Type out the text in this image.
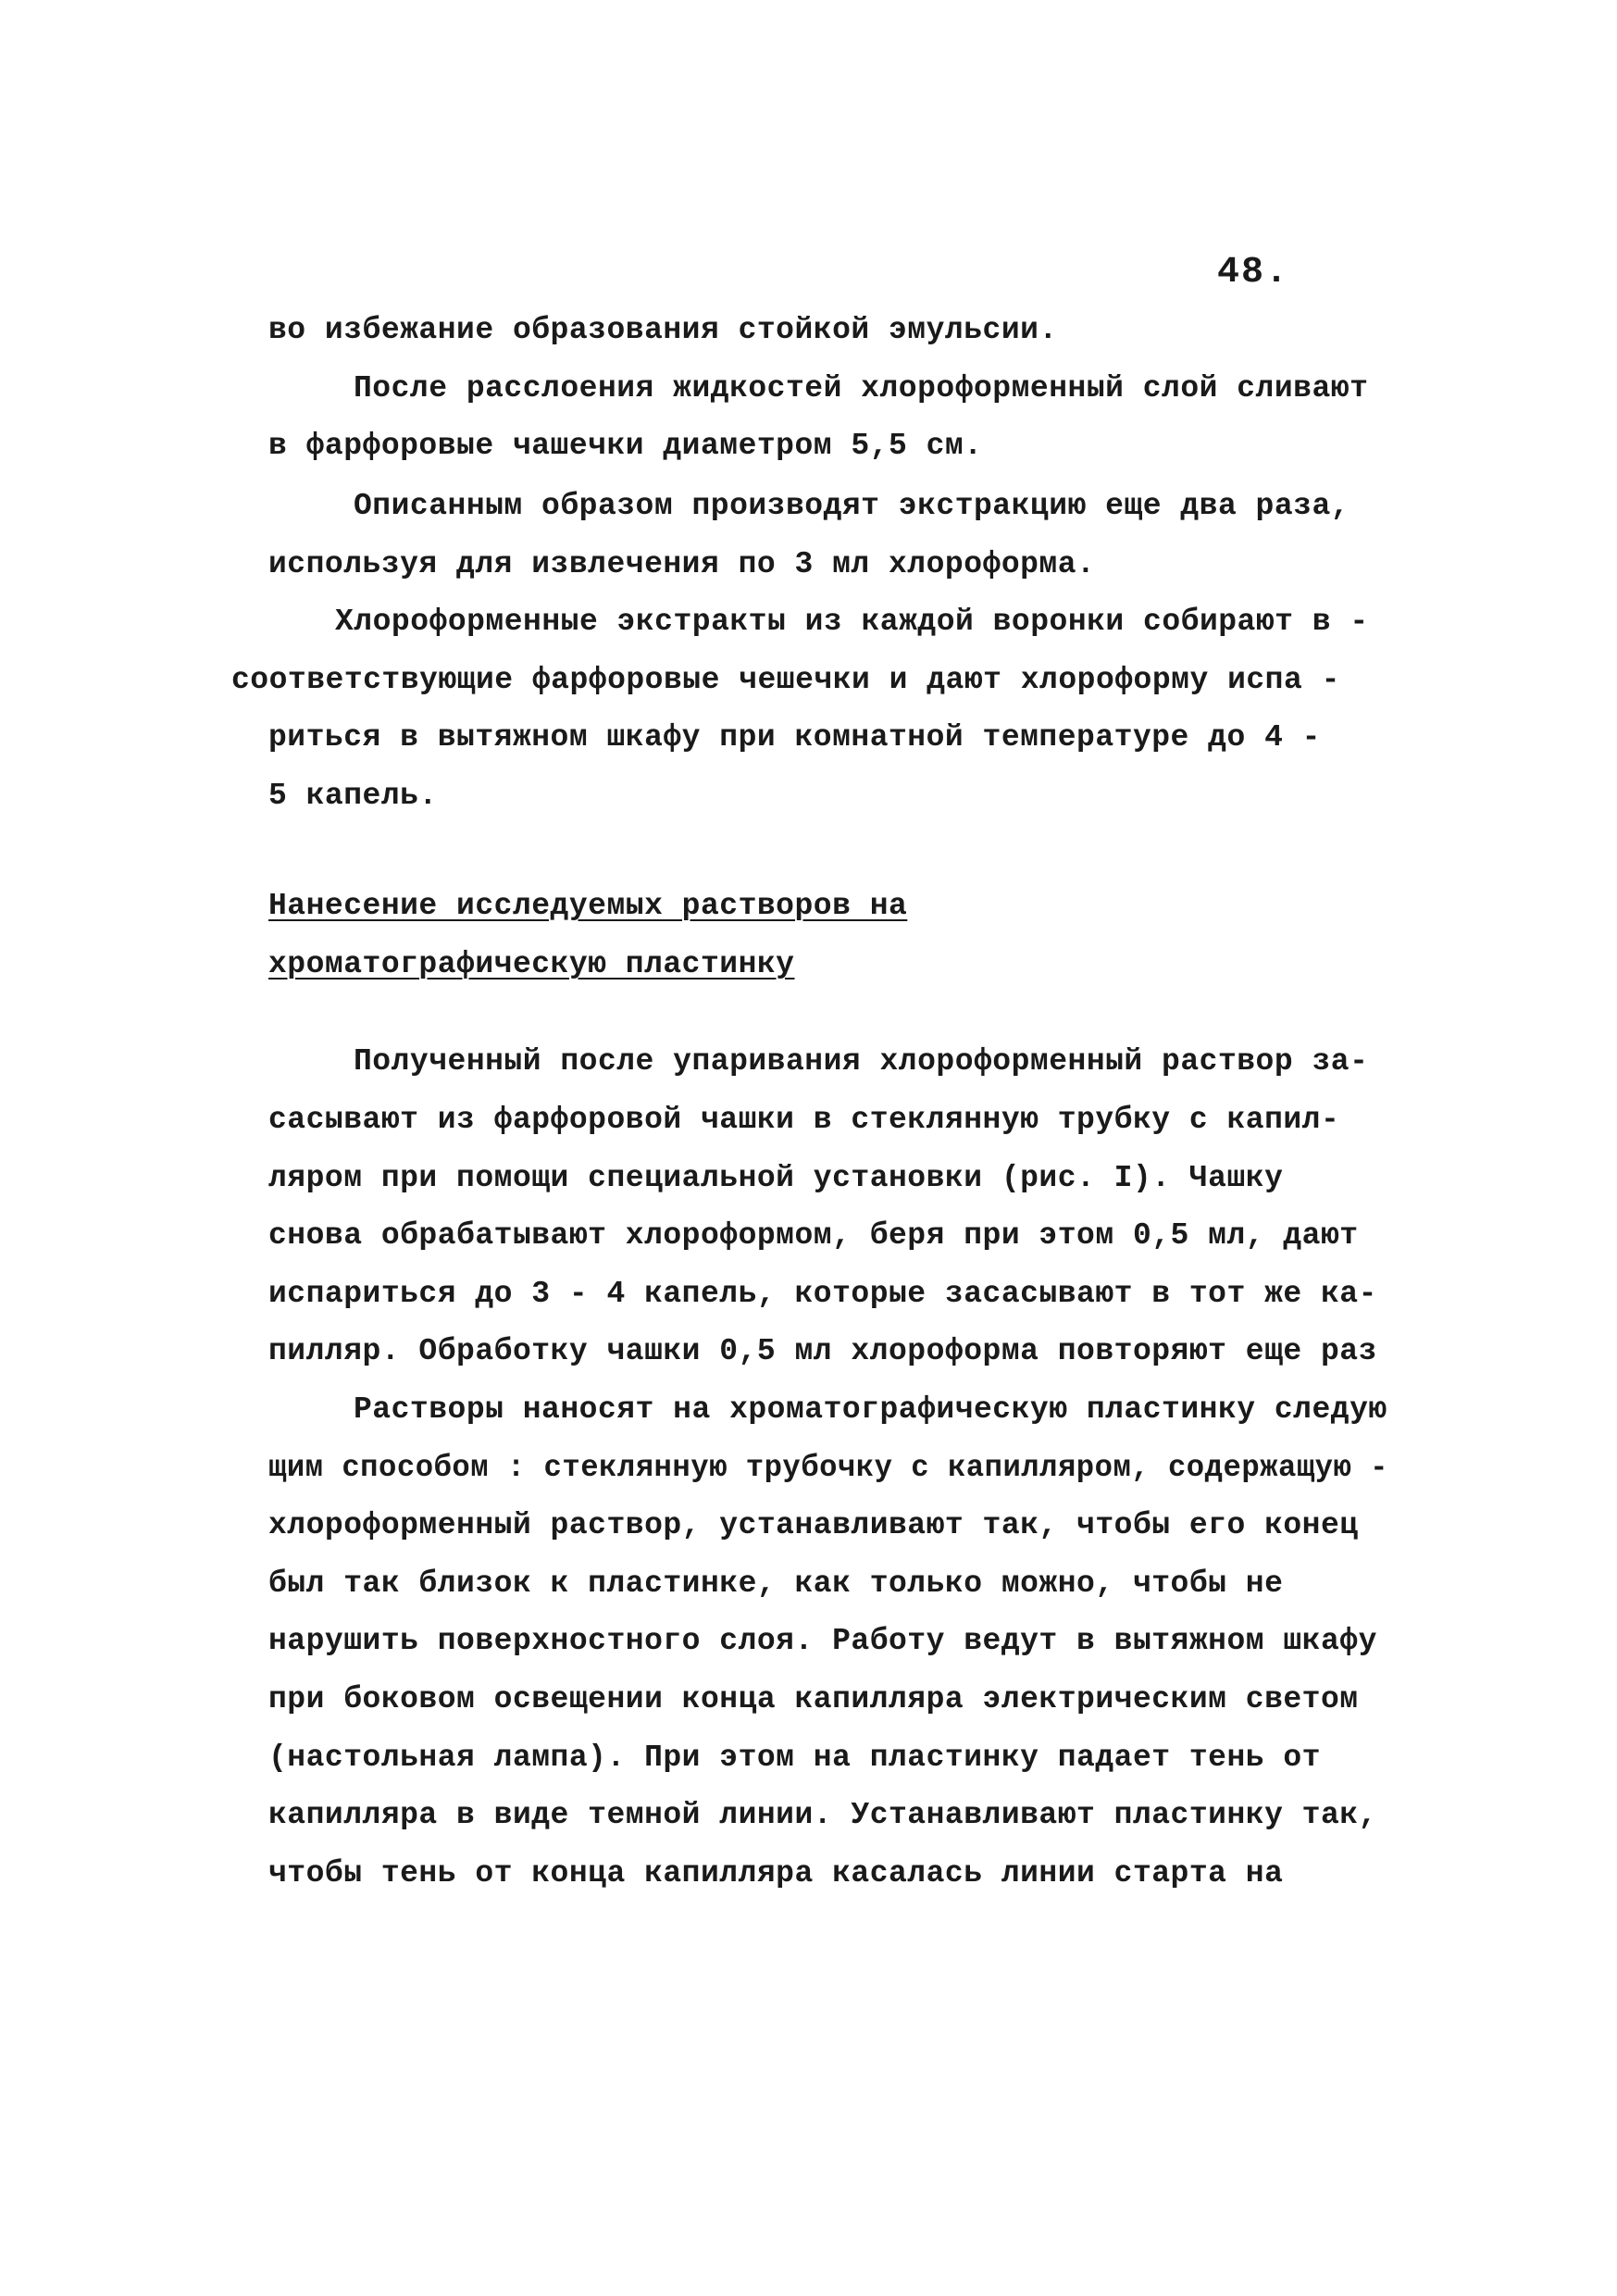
48.
во избежание образования стойкой эмульсии.
После расслоения жидкостей хлороформенный слой сливают
в фарфоровые чашечки диаметром 5,5 см.
Описанным образом производят экстракцию еще два раза,
используя для извлечения по 3 мл хлороформа.
Хлороформенные экстракты из каждой воронки собирают в -
соответствующие фарфоровые чешечки и дают хлороформу испа -
риться в вытяжном шкафу при комнатной температуре до 4 -
5 капель.
Нанесение исследуемых растворов на
хроматографическую пластинку
Полученный после упаривания хлороформенный раствор за-
сасывают из фарфоровой чашки в стеклянную трубку с капил-
ляром при помощи специальной установки (рис. I). Чашку
снова обрабатывают хлороформом, беря при этом 0,5 мл, дают
испариться до 3 - 4 капель, которые засасывают в тот же ка-
пилляр. Обработку чашки 0,5 мл хлороформа повторяют еще раз
Растворы наносят на хроматографическую пластинку следую
щим способом : стеклянную трубочку с капилляром, содержащую -
хлороформенный раствор, устанавливают так, чтобы его конец
был так близок к пластинке, как только можно, чтобы не
нарушить поверхностного слоя. Работу ведут в вытяжном шкафу
при боковом освещении конца капилляра электрическим светом
(настольная лампа). При этом на пластинку падает тень от
капилляра в виде темной линии. Устанавливают пластинку так,
чтобы тень от конца капилляра касалась линии старта на
